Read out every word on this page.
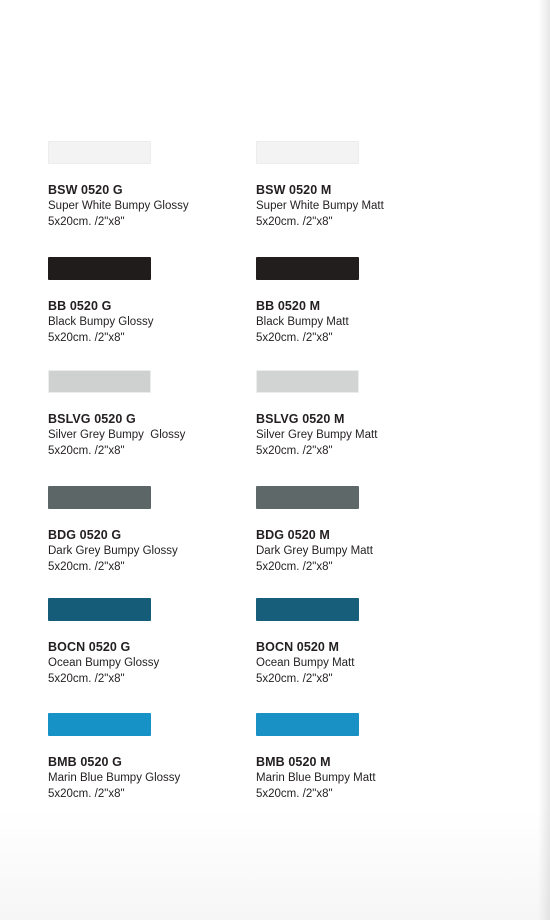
BSW 0520 G
Super White Bumpy Glossy
5x20cm. /2"x8"
BSW 0520 M
Super White Bumpy Matt
5x20cm. /2"x8"
BB 0520 G
Black Bumpy Glossy
5x20cm. /2"x8"
BB 0520 M
Black Bumpy Matt
5x20cm. /2"x8"
BSLVG 0520 G
Silver Grey Bumpy  Glossy
5x20cm. /2"x8"
BSLVG 0520 M
Silver Grey Bumpy Matt
5x20cm. /2"x8"
BDG 0520 G
Dark Grey Bumpy Glossy
5x20cm. /2"x8"
BDG 0520 M
Dark Grey Bumpy Matt
5x20cm. /2"x8"
BOCN 0520 G
Ocean Bumpy Glossy
5x20cm. /2"x8"
BOCN 0520 M
Ocean Bumpy Matt
5x20cm. /2"x8"
BMB 0520 G
Marin Blue Bumpy Glossy
5x20cm. /2"x8"
BMB 0520 M
Marin Blue Bumpy Matt
5x20cm. /2"x8"
